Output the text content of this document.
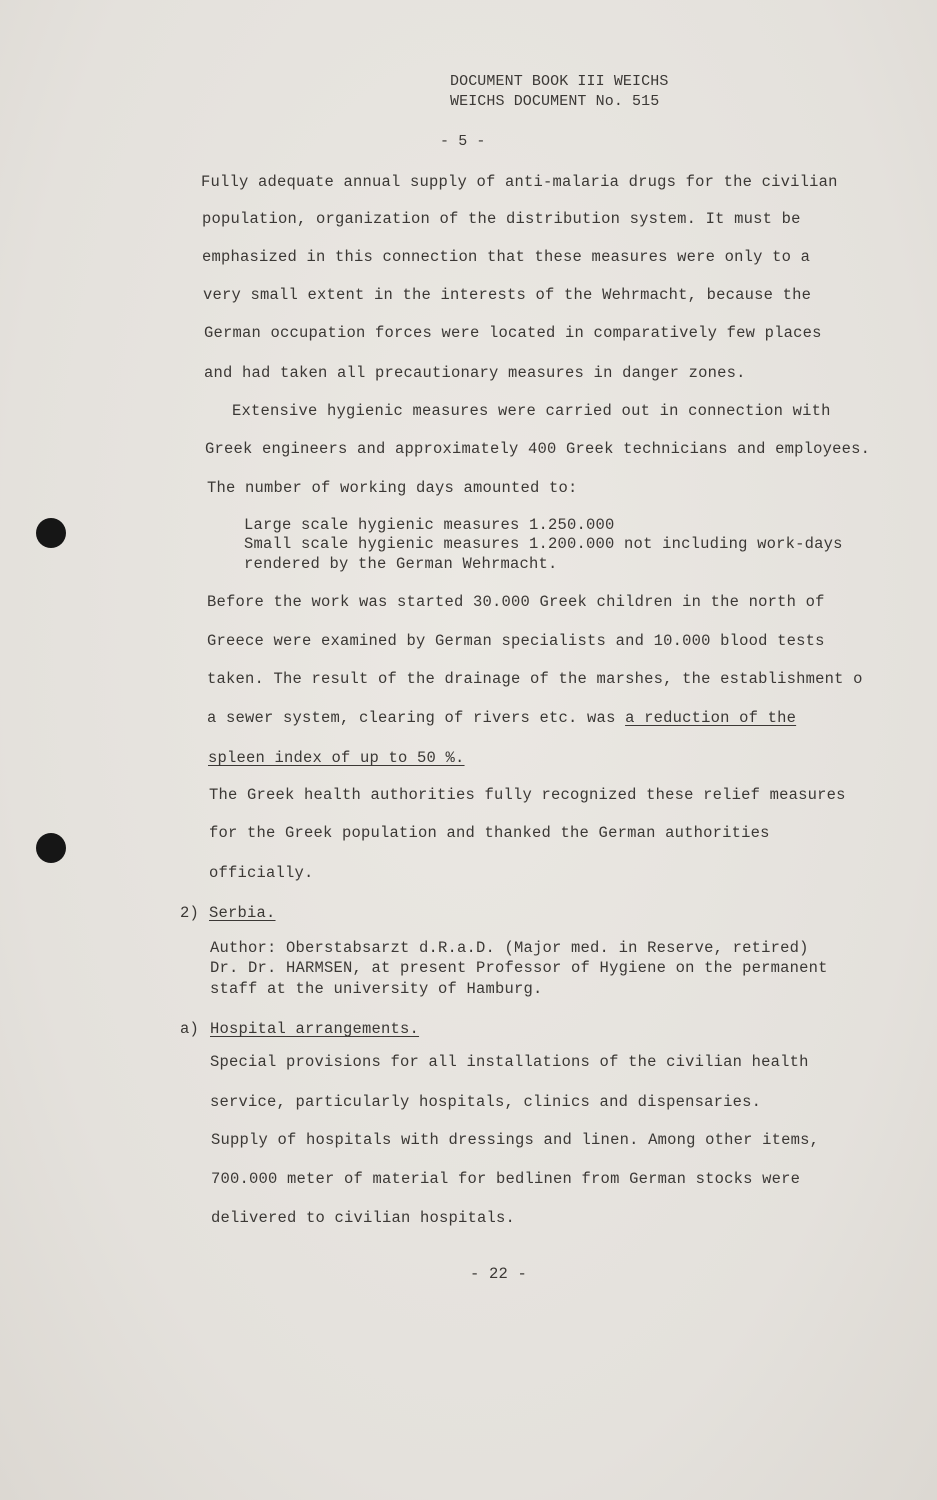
DOCUMENT BOOK III WEICHS
WEICHS DOCUMENT No. 515
- 5 -
Fully adequate annual supply of anti-malaria drugs for the civilian
population, organization of the distribution system. It must be
emphasized in this connection that these measures were only to a
very small extent in the interests of the Wehrmacht, because the
German occupation forces were located in comparatively few places
and had taken all precautionary measures in danger zones.
Extensive hygienic measures were carried out in connection with
Greek engineers and approximately 400 Greek technicians and employees.
The number of working days amounted to:
Large scale hygienic measures 1.250.000
Small scale hygienic measures 1.200.000 not including work-days
rendered by the German Wehrmacht.
Before the work was started 30.000 Greek children in the north of
Greece were examined by German specialists and 10.000 blood tests
taken. The result of the drainage of the marshes, the establishment o
a sewer system, clearing of rivers etc. was a reduction of the
spleen index of up to 50 %.
The Greek health authorities fully recognized these relief measures
for the Greek population and thanked the German authorities
officially.
2) Serbia.
Author: Oberstabsarzt d.R.a.D. (Major med. in Reserve, retired)
Dr. Dr. HARMSEN, at present Professor of Hygiene on the permanent
staff at the university of Hamburg.
a) Hospital arrangements.
Special provisions for all installations of the civilian health
service, particularly hospitals, clinics and dispensaries.
Supply of hospitals with dressings and linen. Among other items,
700.000 meter of material for bedlinen from German stocks were
delivered to civilian hospitals.
- 22 -
